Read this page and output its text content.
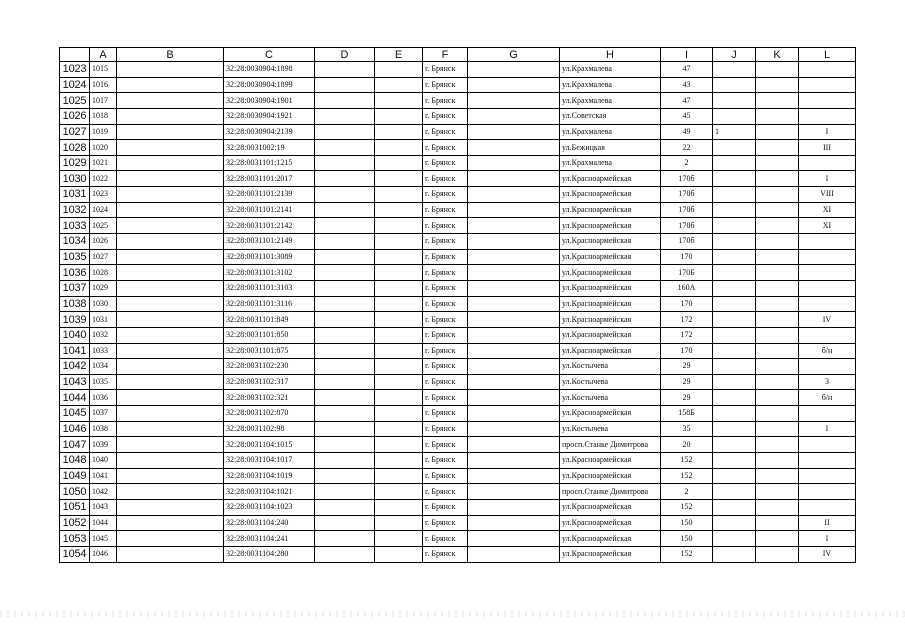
	A	B	C	D	E	F	G	H	I	J	K	L
1023	1015		32:28:0030904:1898			г. Брянск		ул.Крахмалева	47			
1024	1016		32:28:0030904:1899			г. Брянск		ул.Крахмалева	43			
1025	1017		32:28:0030904:1901			г. Брянск		ул.Крахмалева	47			
1026	1018		32:28:0030904:1921			г. Брянск		ул.Советская	45			
1027	1019		32:28:0030904:2139			г. Брянск		ул.Крахмалева	49	1		I
1028	1020		32:28:0031002:19			г. Брянск		ул.Бежицкая	22			III
1029	1021		32:28:0031101:1215			г. Брянск		ул.Крахмалева	2			
1030	1022		32:28:0031101:2017			г. Брянск		ул.Красноармейская	170б			I
1031	1023		32:28:0031101:2139			г. Брянск		ул.Красноармейская	170б			VIII
1032	1024		32:28:0031101:2141			г. Брянск		ул.Красноармейская	170б			XI
1033	1025		32:28:0031101:2142			г. Брянск		ул.Красноармейская	170б			XI
1034	1026		32:28:0031101:2149			г. Брянск		ул.Красноармейская	170б			
1035	1027		32:28:0031101:3089			г. Брянск		ул.Красноармейская	170			
1036	1028		32:28:0031101:3102			г. Брянск		ул.Красноармейская	170Б			
1037	1029		32:28:0031101:3103			г. Брянск		ул.Красноармейская	160А			
1038	1030		32:28:0031101:3116			г. Брянск		ул.Красноармейская	170			
1039	1031		32:28:0031101:849			г. Брянск		ул.Красноармейская	172			IV
1040	1032		32:28:0031101:850			г. Брянск		ул.Красноармейская	172			
1041	1033		32:28:0031101:875			г. Брянск		ул.Красноармейская	170			б/н
1042	1034		32:28:0031102:230			г. Брянск		ул.Костычева	29			
1043	1035		32:28:0031102:317			г. Брянск		ул.Костычева	29			3
1044	1036		32:28:0031102:321			г. Брянск		ул.Костычева	29			б/н
1045	1037		32:28:0031102:870			г. Брянск		ул.Красноармейская	158Б			
1046	1038		32:28:0031102:98			г. Брянск		ул.Костычева	35			I
1047	1039		32:28:0031104:1015			г. Брянск		просп.Станке Димитрова	20			
1048	1040		32:28:0031104:1017			г. Брянск		ул.Красноармейская	152			
1049	1041		32:28:0031104:1019			г. Брянск		ул.Красноармейская	152			
1050	1042		32:28:0031104:1021			г. Брянск		просп.Станке Димитрова	2			
1051	1043		32:28:0031104:1023			г. Брянск		ул.Красноармейская	152			
1052	1044		32:28:0031104:240			г. Брянск		ул.Красноармейская	150			II
1053	1045		32:28:0031104:241			г. Брянск		ул.Красноармейская	150			I
1054	1046		32:28:0031104:280			г. Брянск		ул.Красноармейская	152			IV
